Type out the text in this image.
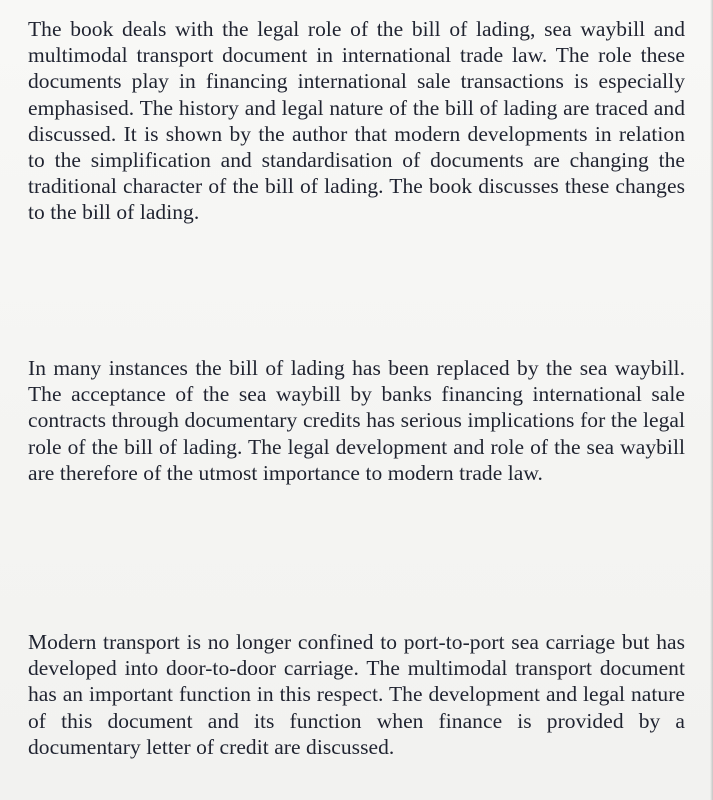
The book deals with the legal role of the bill of lading, sea waybill and multimodal transport document in international trade law. The role these documents play in financing international sale transactions is especially emphasised. The history and legal nature of the bill of lading are traced and discussed. It is shown by the author that modern developments in relation to the simplification and standardisation of documents are changing the traditional character of the bill of lading. The book discusses these changes to the bill of lading.

In many instances the bill of lading has been replaced by the sea waybill. The acceptance of the sea waybill by banks financing international sale contracts through documentary credits has serious implications for the legal role of the bill of lading. The legal development and role of the sea waybill are therefore of the utmost importance to modern trade law.

Modern transport is no longer confined to port-to-port sea carriage but has developed into door-to-door carriage. The multimodal transport document has an important function in this respect. The development and legal nature of this document and its function when finance is provided by a documentary letter of credit are discussed.
